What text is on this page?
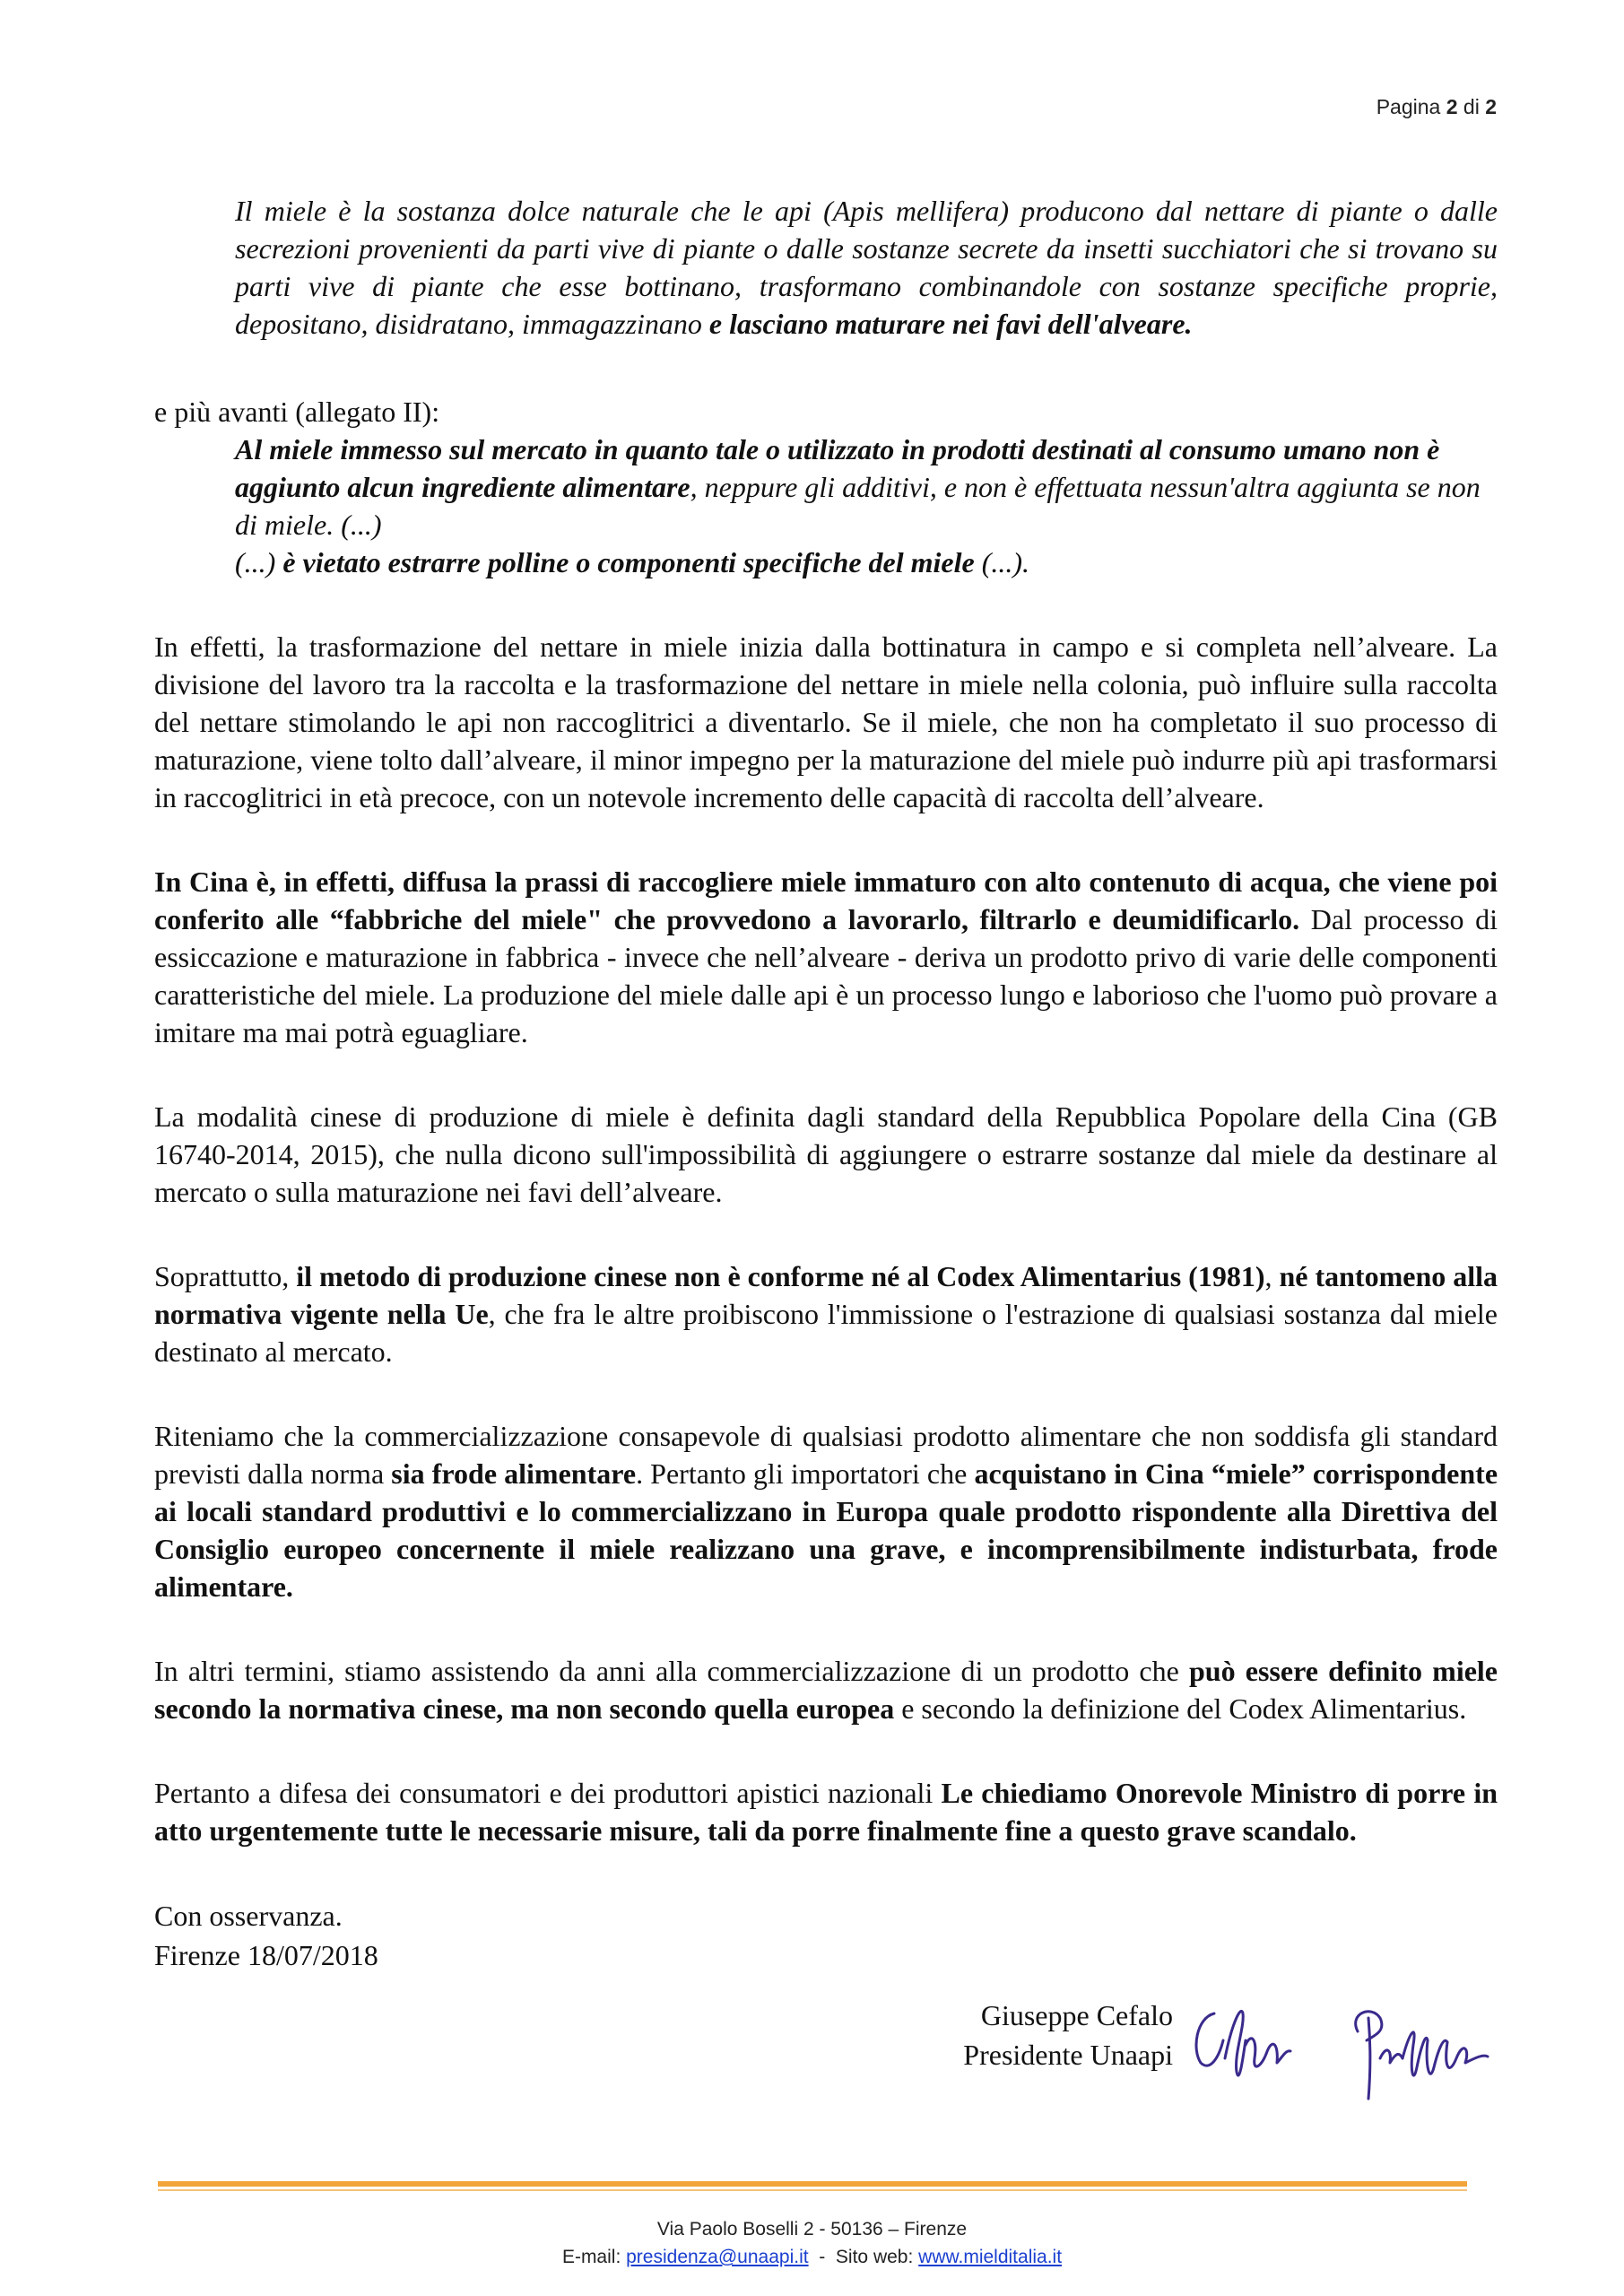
Pagina 2 di 2

Il miele è la sostanza dolce naturale che le api (Apis mellifera) producono dal nettare di piante o dalle secrezioni provenienti da parti vive di piante o dalle sostanze secrete da insetti succhiatori che si trovano su parti vive di piante che esse bottinano, trasformano combinandole con sostanze specifiche proprie, depositano, disidratano, immagazzinano e lasciano maturare nei favi dell'alveare.

e più avanti (allegato II):

Al miele immesso sul mercato in quanto tale o utilizzato in prodotti destinati al consumo umano non è aggiunto alcun ingrediente alimentare, neppure gli additivi, e non è effettuata nessun'altra aggiunta se non di miele. (...)
(...) è vietato estrarre polline o componenti specifiche del miele (...).

In effetti, la trasformazione del nettare in miele inizia dalla bottinatura in campo e si completa nell’alveare. La divisione del lavoro tra la raccolta e la trasformazione del nettare in miele nella colonia, può influire sulla raccolta del nettare stimolando le api non raccoglitrici a diventarlo. Se il miele, che non ha completato il suo processo di maturazione, viene tolto dall’alveare, il minor impegno per la maturazione del miele può indurre più api trasformarsi in raccoglitrici in età precoce, con un notevole incremento delle capacità di raccolta dell’alveare.

In Cina è, in effetti, diffusa la prassi di raccogliere miele immaturo con alto contenuto di acqua, che viene poi conferito alle “fabbriche del miele" che provvedono a lavorarlo, filtrarlo e deumidificarlo. Dal processo di essiccazione e maturazione in fabbrica - invece che nell’alveare - deriva un prodotto privo di varie delle componenti caratteristiche del miele. La produzione del miele dalle api è un processo lungo e laborioso che l'uomo può provare a imitare ma mai potrà eguagliare.

La modalità cinese di produzione di miele è definita dagli standard della Repubblica Popolare della Cina (GB 16740-2014, 2015), che nulla dicono sull'impossibilità di aggiungere o estrarre sostanze dal miele da destinare al mercato o sulla maturazione nei favi dell’alveare.

Soprattutto, il metodo di produzione cinese non è conforme né al Codex Alimentarius (1981), né tantomeno alla normativa vigente nella Ue, che fra le altre proibiscono l'immissione o l'estrazione di qualsiasi sostanza dal miele destinato al mercato.

Riteniamo che la commercializzazione consapevole di qualsiasi prodotto alimentare che non soddisfa gli standard previsti dalla norma sia frode alimentare. Pertanto gli importatori che acquistano in Cina “miele” corrispondente ai locali standard produttivi e lo commercializzano in Europa quale prodotto rispondente alla Direttiva del Consiglio europeo concernente il miele realizzano una grave, e incomprensibilmente indisturbata, frode alimentare.

In altri termini, stiamo assistendo da anni alla commercializzazione di un prodotto che può essere definito miele secondo la normativa cinese, ma non secondo quella europea e secondo la definizione del Codex Alimentarius.

Pertanto a difesa dei consumatori e dei produttori apistici nazionali Le chiediamo Onorevole Ministro di porre in atto urgentemente tutte le necessarie misure, tali da porre finalmente fine a questo grave scandalo.

Con osservanza.
Firenze 18/07/2018

Giuseppe Cefalo
Presidente Unaapi
Via Paolo Boselli 2 - 50136 – Firenze
E-mail: presidenza@unaapi.it - Sito web: www.mielditalia.it
